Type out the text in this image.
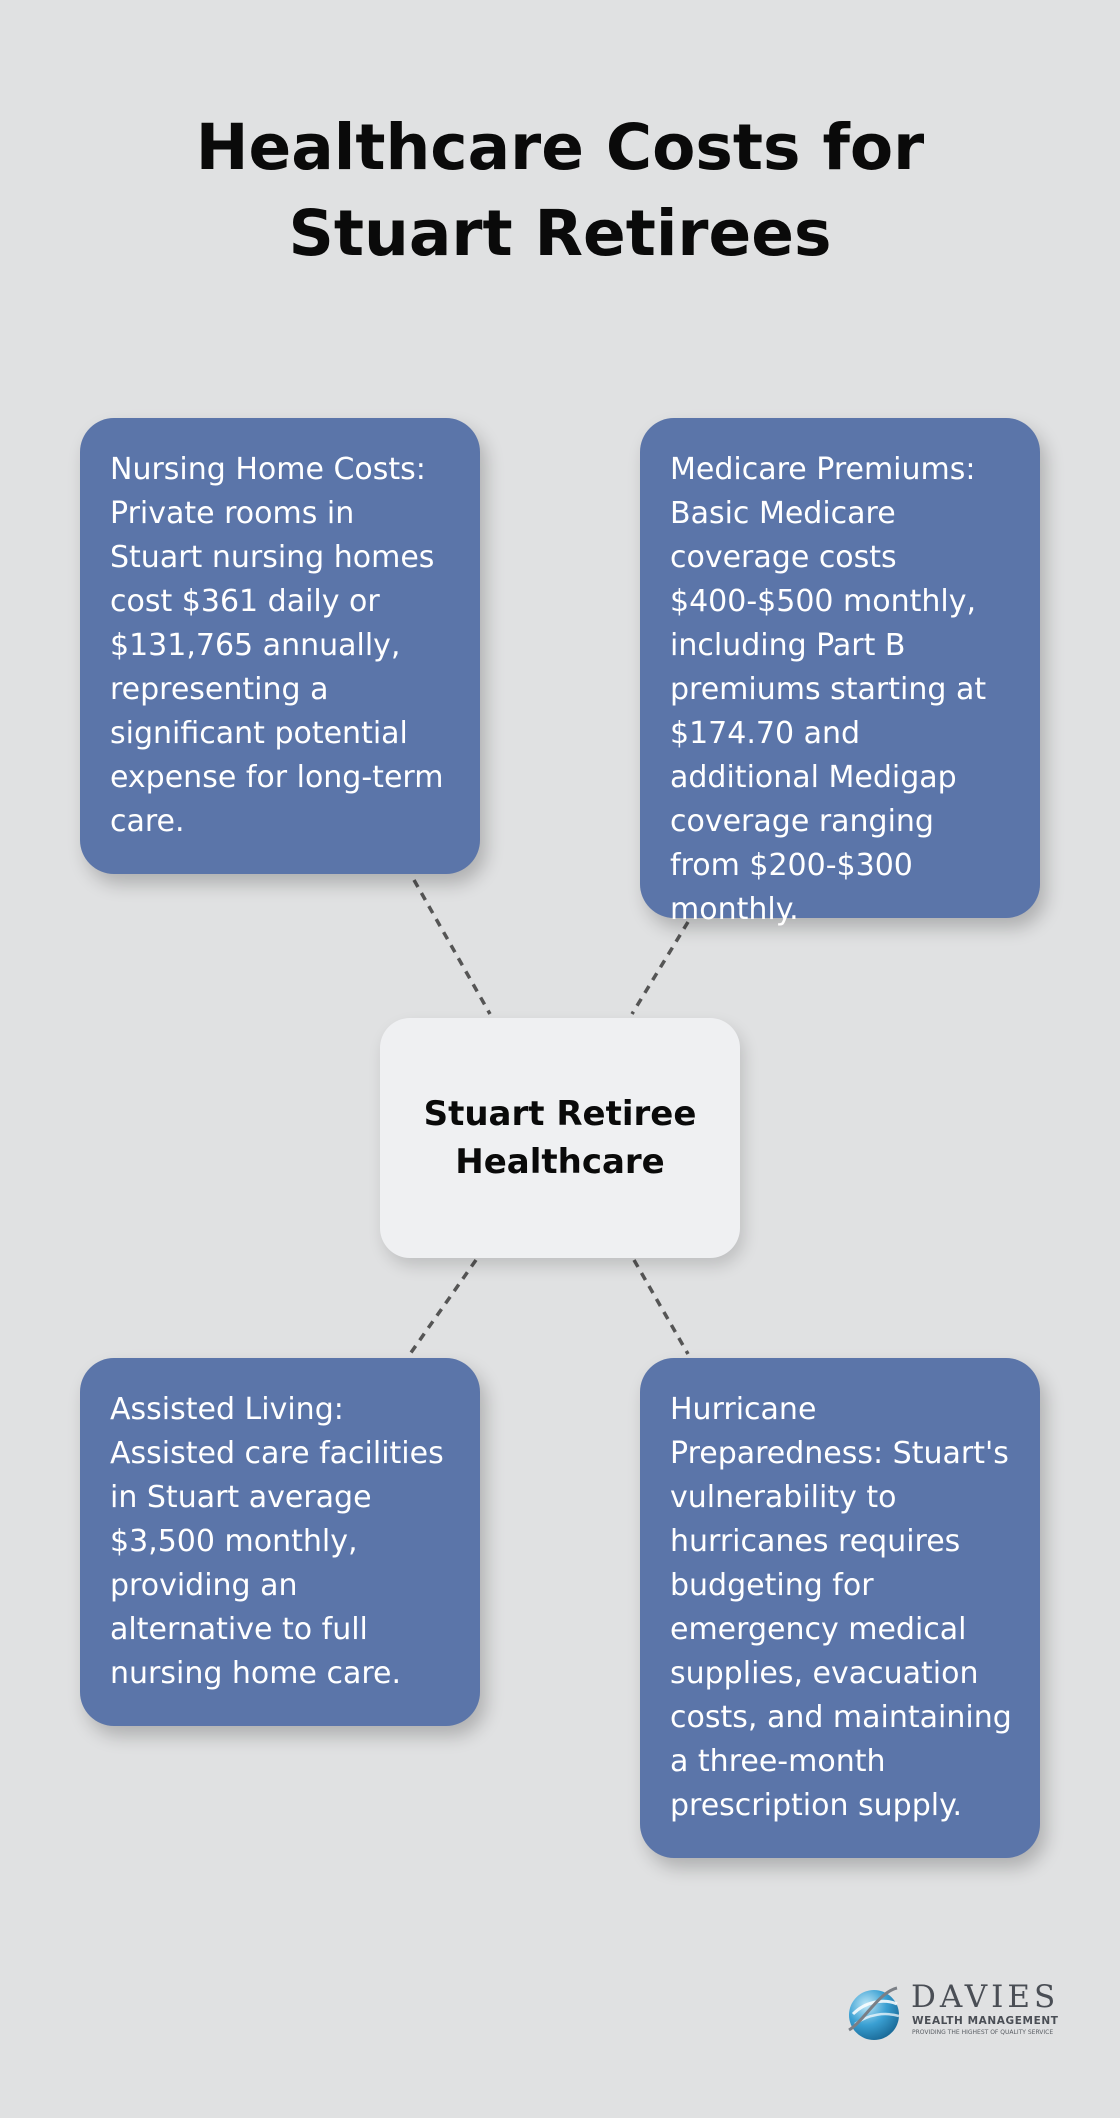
Healthcare Costs for Stuart Retirees

Nursing Home Costs: Private rooms in Stuart nursing homes cost $361 daily or $131,765 annually, representing a significant potential expense for long-term care.

Medicare Premiums: Basic Medicare coverage costs $400-$500 monthly, including Part B premiums starting at $174.70 and additional Medigap coverage ranging from $200-$300 monthly.

Stuart Retiree Healthcare

Assisted Living: Assisted care facilities in Stuart average $3,500 monthly, providing an alternative to full nursing home care.

Hurricane Preparedness: Stuart's vulnerability to hurricanes requires budgeting for emergency medical supplies, evacuation costs, and maintaining a three-month prescription supply.

DAVIES
WEALTH MANAGEMENT
PROVIDING THE HIGHEST OF QUALITY SERVICE
